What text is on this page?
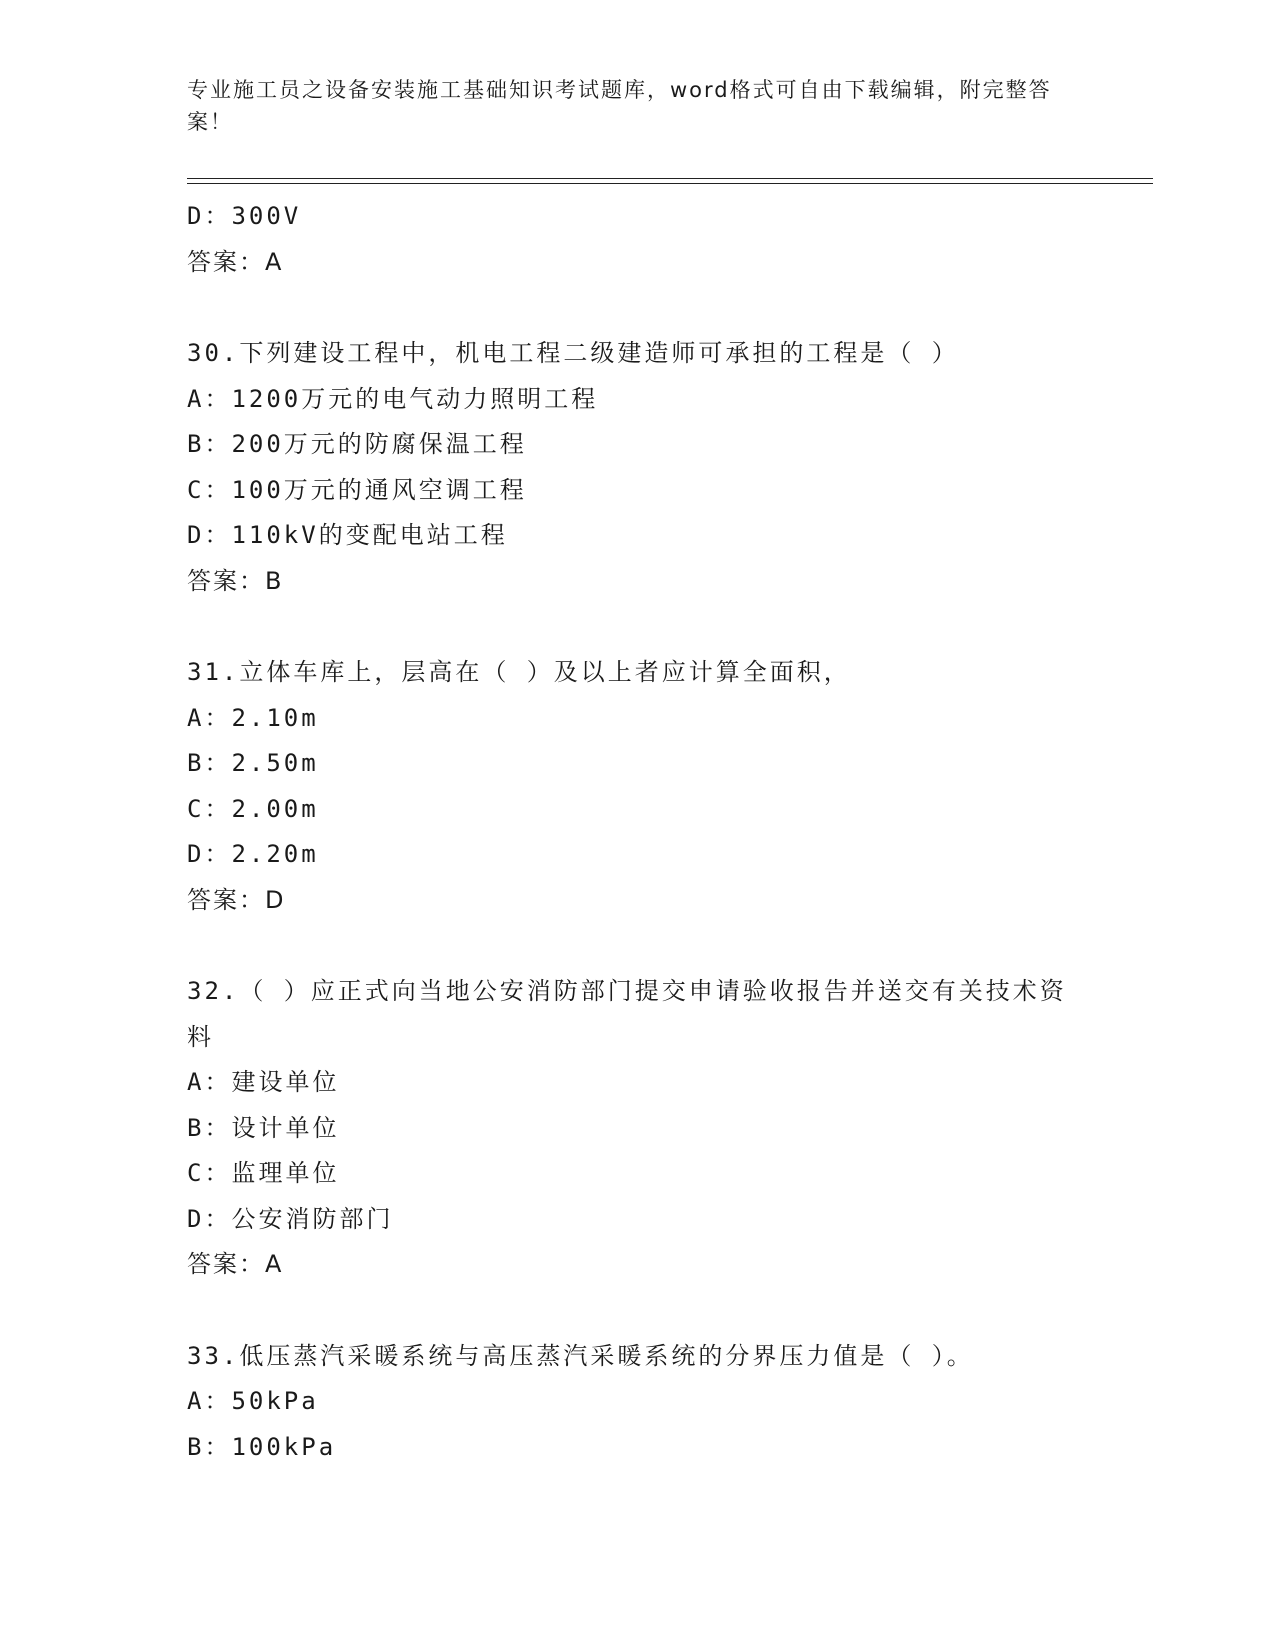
专业施工员之设备安装施工基础知识考试题库，word格式可自由下载编辑，附完整答案！
D：300V
答案：A
30.下列建设工程中，机电工程二级建造师可承担的工程是（ ）
A：1200万元的电气动力照明工程
B：200万元的防腐保温工程
C：100万元的通风空调工程
D：110kV的变配电站工程
答案：B
31.立体车库上，层高在（ ）及以上者应计算全面积，
A：2.10m
B：2.50m
C：2.00m
D：2.20m
答案：D
32.（ ）应正式向当地公安消防部门提交申请验收报告并送交有关技术资料
A：建设单位
B：设计单位
C：监理单位
D：公安消防部门
答案：A
33.低压蒸汽采暖系统与高压蒸汽采暖系统的分界压力值是（ ）。
A：50kPa
B：100kPa
